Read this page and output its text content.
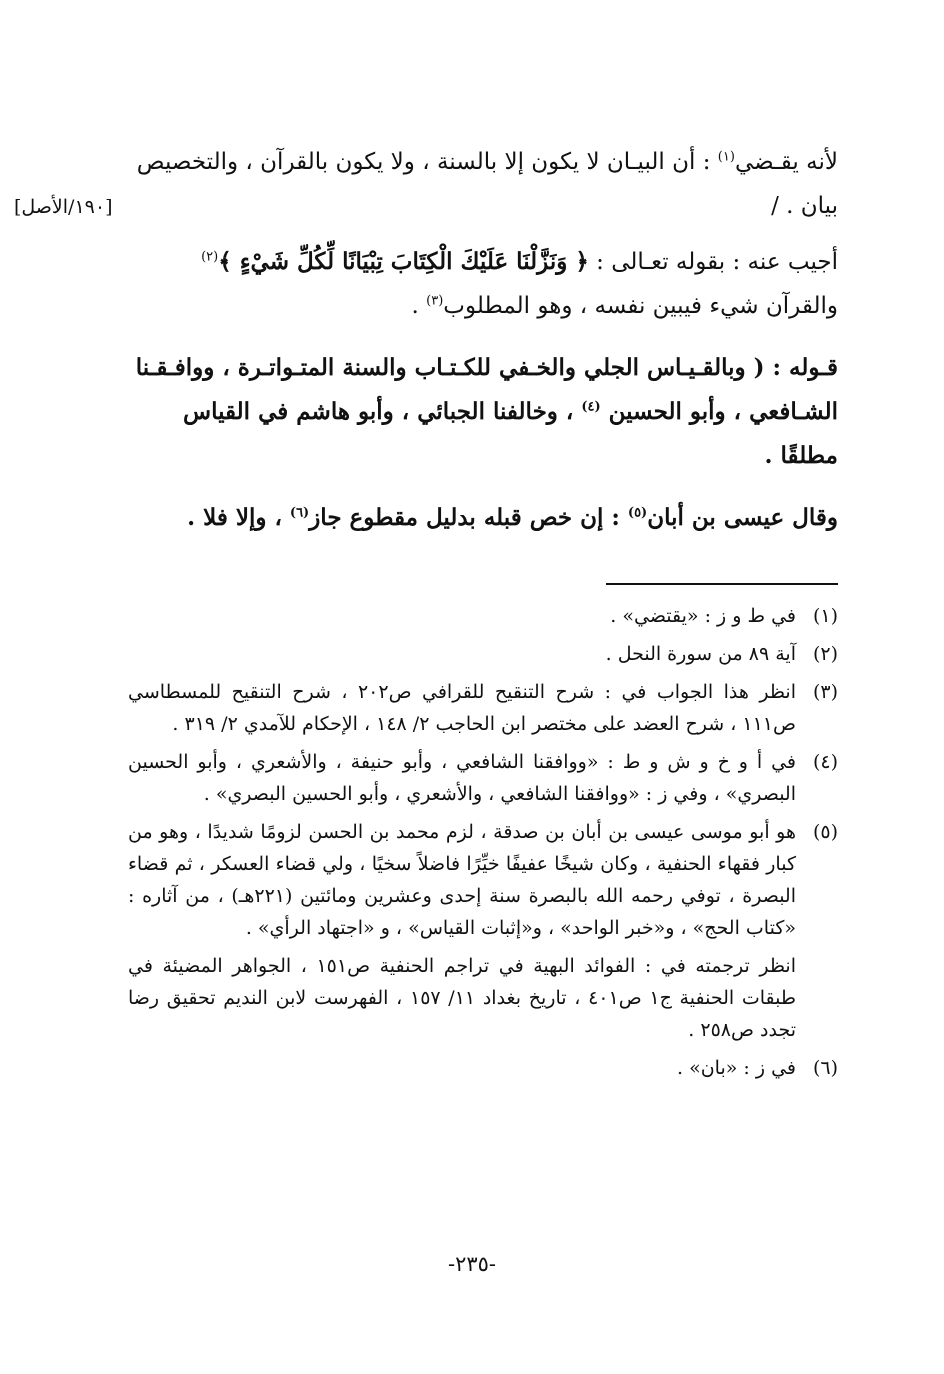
[١٩٠/الأصل]

لأنه يقـضي$^{(١)}$ : أن البيـان لا يكون إلا بالسنة ، ولا يكون بالقرآن ، والتخصيص بيان . /

أجيب عنه : بقوله تعـالى : ﴿ وَنَزَّلْنَا عَلَيْكَ الْكِتَابَ تِبْيَانًا لِّكُلِّ شَيْءٍ ﴾$^{(٢)}$
والقرآن شيء فيبين نفسه ، وهو المطلوب$^{(٣)}$ .

قـوله : ( وبالقـيـاس الجلي والخـفي للكـتـاب والسنة المتـواتـرة ، ووافـقـنا الشـافعي ، وأبو الحسين $^{(٤)}$ ، وخالفنا الجبائي ، وأبو هاشم في القياس مطلقًا .

وقال عيسى بن أبان$^{(٥)}$ : إن خص قبله بدليل مقطوع جاز$^{(٦)}$ ، وإلا فلا .

(١)
في ط و ز : «يقتضي» .
(٢)
آية ٨٩ من سورة النحل .
(٣)
انظر هذا الجواب في : شرح التنقيح للقرافي ص٢٠٢ ، شرح التنقيح للمسطاسي ص١١١ ، شرح العضد على مختصر ابن الحاجب ٢/ ١٤٨ ، الإحكام للآمدي ٢/ ٣١٩ .
(٤)
في أ و خ و ش و ط : «ووافقنا الشافعي ، وأبو حنيفة ، والأشعري ، وأبو الحسين البصري» ، وفي ز : «ووافقنا الشافعي ، والأشعري ، وأبو الحسين البصري» .
(٥)
هو أبو موسى عيسى بن أبان بن صدقة ، لزم محمد بن الحسن لزومًا شديدًا ، وهو من كبار فقهاء الحنفية ، وكان شيخًا عفيفًا خيِّرًا فاضلاً سخيًا ، ولي قضاء العسكر ، ثم قضاء البصرة ، توفي رحمه الله بالبصرة سنة إحدى وعشرين ومائتين (٢٢١هـ) ، من آثاره : «كتاب الحج» ، و«خبر الواحد» ، و«إثبات القياس» ، و «اجتهاد الرأي» .
انظر ترجمته في : الفوائد البهية في تراجم الحنفية ص١٥١ ، الجواهر المضيئة في طبقات الحنفية ج١ ص٤٠١ ، تاريخ بغداد ١١/ ١٥٧ ، الفهرست لابن النديم تحقيق رضا تجدد ص٢٥٨ .
(٦)
في ز : «بان» .
-٢٣٥-
